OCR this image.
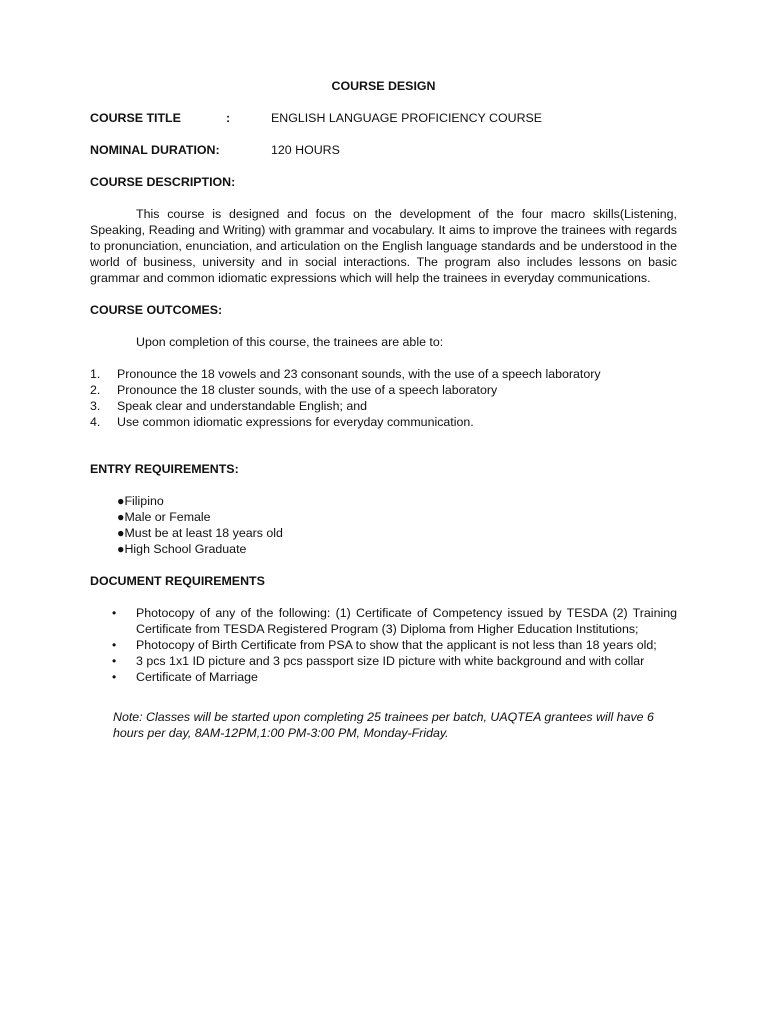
COURSE DESIGN
COURSE TITLE	:	ENGLISH LANGUAGE PROFICIENCY COURSE
NOMINAL DURATION:	120 HOURS
COURSE DESCRIPTION:
This course is designed and focus on the development of the four macro skills(Listening, Speaking, Reading and Writing) with grammar and vocabulary. It aims to improve the trainees with regards to pronunciation, enunciation, and articulation on the English language standards and be understood in the world of business, university and in social interactions. The program also includes lessons on basic grammar and common idiomatic expressions which will help the trainees in everyday communications.
COURSE OUTCOMES:
Upon completion of this course, the trainees are able to:
1.	Pronounce the 18 vowels and 23 consonant sounds, with the use of a speech laboratory
2.	Pronounce the 18 cluster sounds, with the use of a speech laboratory
3.	Speak clear and understandable English; and
4.	Use common idiomatic expressions for everyday communication.
ENTRY REQUIREMENTS:
●Filipino
●Male or Female
●Must be at least 18 years old
●High School Graduate
DOCUMENT REQUIREMENTS
•	Photocopy of any of the following: (1) Certificate of Competency issued by TESDA (2) Training Certificate from TESDA Registered Program (3) Diploma from Higher Education Institutions;
•	Photocopy of Birth Certificate from PSA to show that the applicant is not less than 18 years old;
•	3 pcs 1x1 ID picture and 3 pcs passport size ID picture with white background and with collar
•	Certificate of Marriage

Note: Classes will be started upon completing 25 trainees per batch, UAQTEA grantees will have 6 hours per day, 8AM-12PM,1:00 PM-3:00 PM, Monday-Friday.
